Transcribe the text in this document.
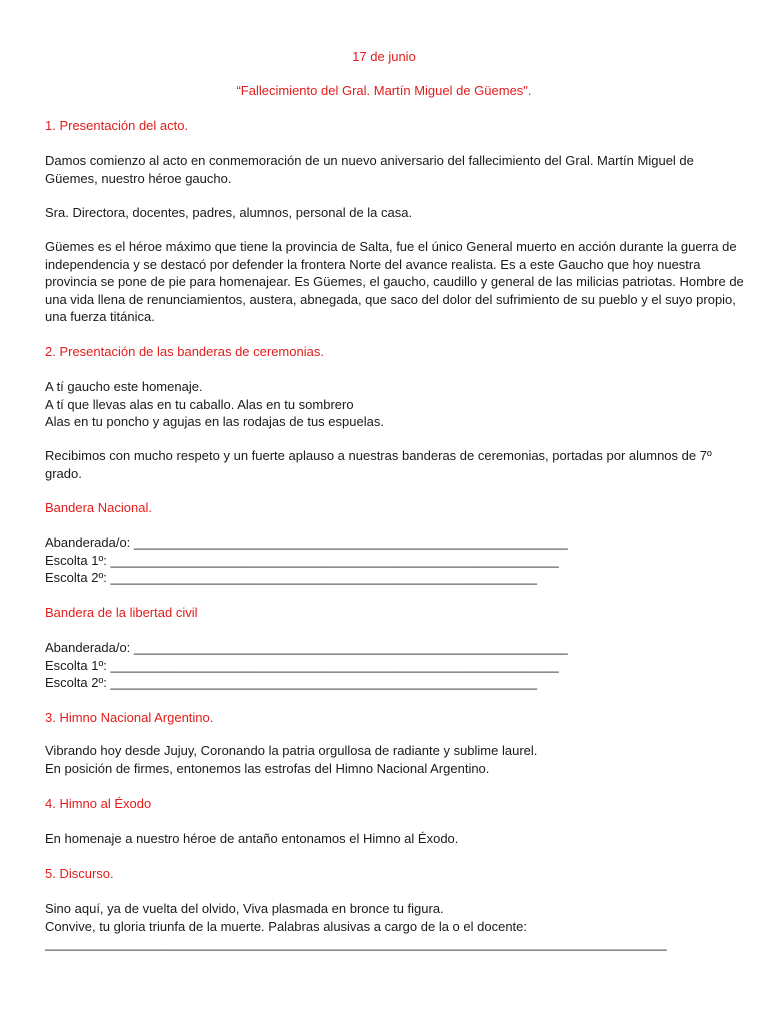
17 de junio
“Fallecimiento del Gral. Martín Miguel de Güemes".
1. Presentación del acto.
Damos comienzo al acto en conmemoración de un nuevo aniversario del fallecimiento del Gral. Martín Miguel de
Güemes, nuestro héroe gaucho.
Sra. Directora, docentes, padres, alumnos, personal de la casa.
Güemes es el héroe máximo que tiene la provincia de Salta, fue el único General muerto en acción durante la guerra de
independencia y se destacó por defender la frontera Norte del avance realista. Es a este Gaucho que hoy nuestra
provincia se pone de pie para homenajear. Es Güemes, el gaucho, caudillo y general de las milicias patriotas. Hombre de
una vida llena de renunciamientos, austera, abnegada, que saco del dolor del sufrimiento de su pueblo y el suyo propio,
una fuerza titánica.
2. Presentación de las banderas de ceremonias.
A tí gaucho este homenaje.
A tí que llevas alas en tu caballo. Alas en tu sombrero
Alas en tu poncho y agujas en las rodajas de tus espuelas.
Recibimos con mucho respeto y un fuerte aplauso a nuestras banderas de ceremonias, portadas por alumnos de 7º
grado.
Bandera Nacional.
Abanderada/o: ____________________________________________________________
Escolta 1º: ______________________________________________________________
Escolta 2º: ___________________________________________________________
Bandera de la libertad civil
Abanderada/o: ____________________________________________________________
Escolta 1º: ______________________________________________________________
Escolta 2º: ___________________________________________________________
3. Himno Nacional Argentino.
Vibrando hoy desde Jujuy, Coronando la patria orgullosa de radiante y sublime laurel.
En posición de firmes, entonemos las estrofas del Himno Nacional Argentino.
4. Himno al Éxodo
En homenaje a nuestro héroe de antaño entonamos el Himno al Éxodo.
5. Discurso.
Sino aquí, ya de vuelta del olvido, Viva plasmada en bronce tu figura.
Convive, tu gloria triunfa de la muerte. Palabras alusivas a cargo de la o el docente:
______________________________________________________________________________________
